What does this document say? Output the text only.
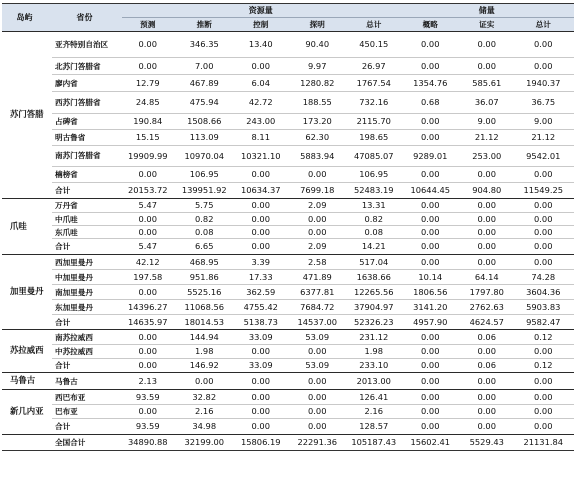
岛屿	省份	资源量					储量		
		预测	推断	控制	探明	总计	概略	证实	总计
苏门答腊	亚齐特别自治区	0.00	346.35	13.40	90.40	450.15	0.00	0.00	0.00
	北苏门答腊省	0.00	7.00	0.00	9.97	26.97	0.00	0.00	0.00
	廖内省	12.79	467.89	6.04	1280.82	1767.54	1354.76	585.61	1940.37
	西苏门答腊省	24.85	475.94	42.72	188.55	732.16	0.68	36.07	36.75
	占碑省	190.84	1508.66	243.00	173.20	2115.70	0.00	9.00	9.00
	明古鲁省	15.15	113.09	8.11	62.30	198.65	0.00	21.12	21.12
	南苏门答腊省	19909.99	10970.04	10321.10	5883.94	47085.07	9289.01	253.00	9542.01
	楠榜省	0.00	106.95	0.00	0.00	106.95	0.00	0.00	0.00
	合计	20153.72	139951.92	10634.37	7699.18	52483.19	10644.45	904.80	11549.25
爪哇	万丹省	5.47	5.75	0.00	2.09	13.31	0.00	0.00	0.00
	中爪哇	0.00	0.82	0.00	0.00	0.82	0.00	0.00	0.00
	东爪哇	0.00	0.08	0.00	0.00	0.08	0.00	0.00	0.00
	合计	5.47	6.65	0.00	2.09	14.21	0.00	0.00	0.00
加里曼丹	西加里曼丹	42.12	468.95	3.39	2.58	517.04	0.00	0.00	0.00
	中加里曼丹	197.58	951.86	17.33	471.89	1638.66	10.14	64.14	74.28
	南加里曼丹	0.00	5525.16	362.59	6377.81	12265.56	1806.56	1797.80	3604.36
	东加里曼丹	14396.27	11068.56	4755.42	7684.72	37904.97	3141.20	2762.63	5903.83
	合计	14635.97	18014.53	5138.73	14537.00	52326.23	4957.90	4624.57	9582.47
苏拉威西	南苏拉威西	0.00	144.94	33.09	53.09	231.12	0.00	0.06	0.12
	中苏拉威西	0.00	1.98	0.00	0.00	1.98	0.00	0.00	0.00
	合计	0.00	146.92	33.09	53.09	233.10	0.00	0.06	0.12
马鲁古	马鲁古	2.13	0.00	0.00	0.00	2013.00	0.00	0.00	0.00
新几内亚	西巴布亚	93.59	32.82	0.00	0.00	126.41	0.00	0.00	0.00
	巴布亚	0.00	2.16	0.00	0.00	2.16	0.00	0.00	0.00
	合计	93.59	34.98	0.00	0.00	128.57	0.00	0.00	0.00
	全国合计	34890.88	32199.00	15806.19	22291.36	105187.43	15602.41	5529.43	21131.84
